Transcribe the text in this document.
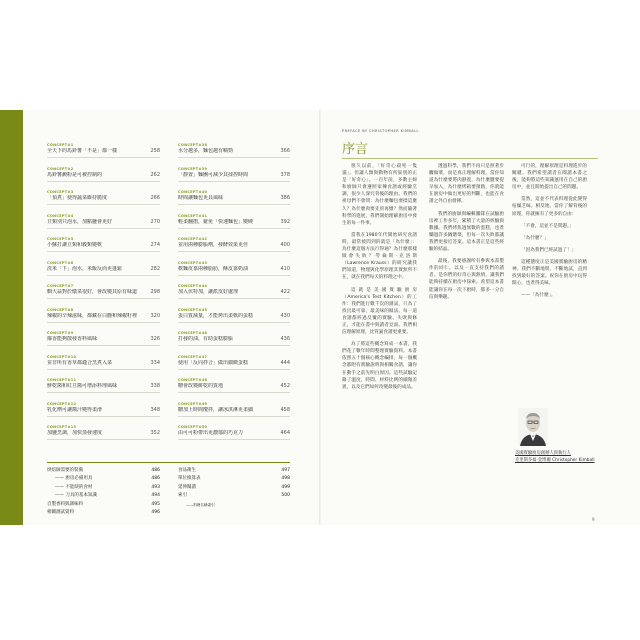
CONCEPT#1
全天下的馬鈴薯「不是」都一樣	258
CONCEPT#2
馬鈴薯澱粉是可被控制的	262
CONCEPT#3
「預煮」使得蔬菜維持脆度	266
CONCEPT#4
豆類別只泡水，加點鹽會更好	270
CONCEPT#5
小蘇打讓豆類和穀類變軟	274
CONCEPT#6
洗米「下」泡水，米飯反而更蓬鬆	282
CONCEPT#7
燜大蒜對於燉菜很好，會改變其原有味道	298
CONCEPT#8
辣椒的辛辣滋味，都藏在白髓和辣椒籽裡	320
CONCEPT#9
爆香能夠散發香料風味	326
CONCEPT#10
並非所有香草都適合烹煮入菜	334
CONCEPT#11
鮮乾醬和紅豆醬可增添料理風味	338
CONCEPT#12
乳化劑可讓醬汁變得柔滑	348
CONCEPT#13
加鹽烹調，加快蒸發速度	352
CONCEPT#38
水分越多，麵包越有嚼勁	366
CONCEPT#39
「靜置」麵團可減少其揉捏時間	378
CONCEPT#40
時間讓麵包更具風味	386
CONCEPT#41
輕柔翻摺，避免「快速麵包」變硬	392
CONCEPT#42
並用兩種膨脹劑，發酵效果更佳	400
CONCEPT#43
軟麵皮靠兩種脂肪，酥皮靠奶油	410
CONCEPT#44
加入伏特加，讓派皮好處理	422
CONCEPT#45
蛋白質減量，才能烤出柔軟的蛋糕	430
CONCEPT#46
打發的油，有助蛋糕膨脹	436
CONCEPT#47
使用「反向拌合」做出細緻蛋糕	444
CONCEPT#48
糖會改變餅乾的質地	452
CONCEPT#49
糖加上時間攪拌，讓冰淇淋更柔細	458
CONCEPT#50
由可可粉帶出更濃郁的巧克力	464
烘焙師需要的裝備	486
—— 廚房必備用具	486
—— 不能缺的食材	493
—— 刀具的基本知識	494
自製香料與調味料	495
相關測試資料	496
食品衛生	497
單位換算表	498
延伸閱讀	499
索引	500
——料理名稱索引
PREFACE BY CHRISTOPHER KIMBALL
序言

很久以前，「好奇心殺死一隻貓」。但讓人類與動物有所區別的正是「好奇心」。一百年前，多數主婦和廚師只會遵照家傳食譜或經驗烹調，很少人深究背後的理由。我們的祖母們不會問：為什麼麵包要揉這麼久？為什麼肉要先煎再燉？然而隨著科學的進展，我們開始理解廚房中發生的每一件事。

當我在1980年代開始研究食譜時，最常被問到的就是「為什麼」：為什麼這個方法行得通？為什麼那樣做會失敗？勞倫斯·克洛斯（Lawrence Krauss）的研究讓我們知道，物理與化學原理其實無所不在，就在我們每天的料理之中。

這就是美國實驗廚房（America's Test Kitchen）的工作：我們進行數千次的測試，只為了找出最可靠、最美味的做法。每一道食譜都經過反覆的實驗、失敗與修正，才能在書中與讀者見面。我們相信理解原理，比背誦食譜更重要。

為了將這些概念寫成一本書，我們花了數年時間整理實驗資料。本書依照五十個核心概念編排，每一個概念都附有實驗說明與相關食譜，讓你在動手之前先明白原因。這些試驗記錄了溫度、時間、材料比例的細微差異，以及它們如何改變最後的成品。

透過科學，我們不再只是照著步驟做菜，而是真正理解料理。當你知道為什麼要將肉靜置，為什麼鹽要提早加入，為什麼烤箱要預熱，你就能在廚房中做出更好的判斷，也能在食譜之外自由發揮。

我們的廚師與編輯團隊在試驗廚房裡工作多年，累積了大量的經驗與數據。我們烤焦過無數的蛋糕，也煮爛過許多鍋燉菜，但每一次失敗都讓我們更接近答案。這本書正是這些經驗的結晶。

最後，我要感謝所有參與本書製作的同仁，以及一直支持我們的讀者。是你們的好奇心與熱情，讓我們能夠持續在廚房中探索。希望這本書能讓你在每一次下廚時，都多一分自信與樂趣。

可行的，理解原理是料理進步的關鍵。我們希望讀者在閱讀本書之後，能夠將這些知識運用在自己的廚房中，並且開始提出自己的問題。

當然，這並不代表料理從此變得枯燥乏味。相反地，當你了解背後的原理，你就擁有了更多的自由：

「不會，這並不是問題。」

「為什麼？」

「因為我們已經試過了！」

這種態度正是美國實驗廚房的精神。我們不斷地問、不斷地試，直到找到最好的答案。祝你在廚房中玩得開心，也煮得美味。

——「為什麼」。

美國實驗廚房創辦人與執行人
克里斯多福·金博爾 Christopher Kimball
9
